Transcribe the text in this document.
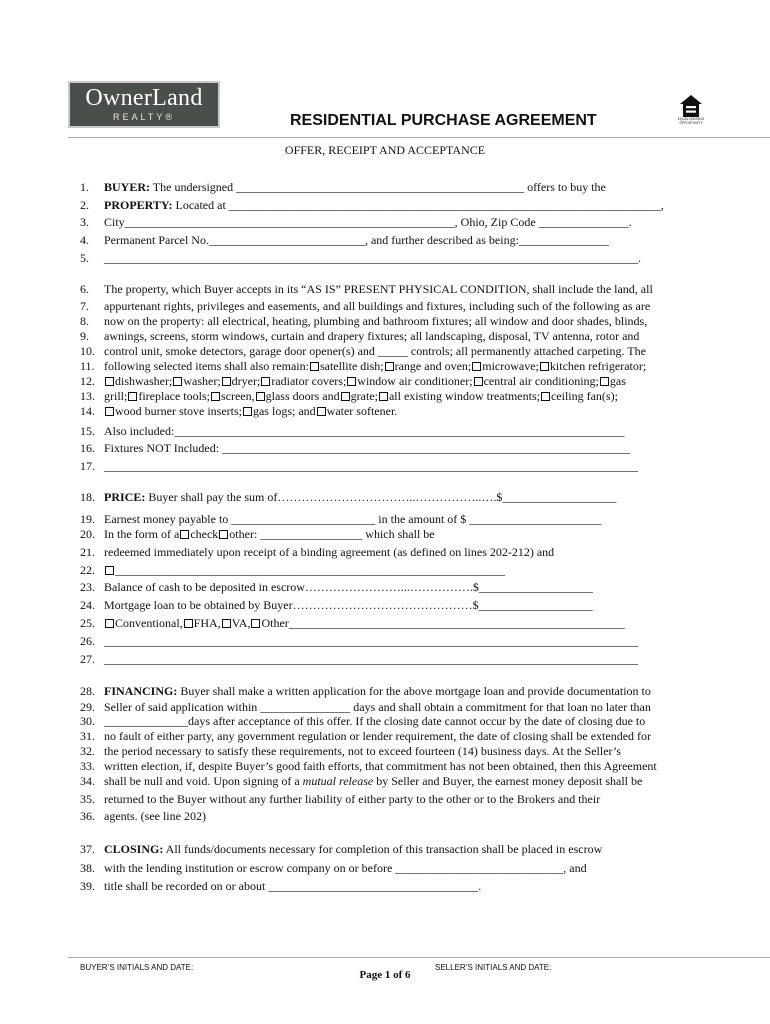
OwnerLand
REALTY®	EQUAL HOUSING OPPORTUNITY
RESIDENTIAL PURCHASE AGREEMENT
OFFER, RECEIPT AND ACCEPTANCE
1. BUYER: The undersigned ________________________________________________ offers to buy the
2. PROPERTY: Located at ________________________________________________________________________,
3. City_______________________________________________________, Ohio, Zip Code _______________.
4. Permanent Parcel No.__________________________, and further described as being:_______________
5. _________________________________________________________________________________________.
6. The property, which Buyer accepts in its “AS IS” PRESENT PHYSICAL CONDITION, shall include the land, all
7. appurtenant rights, privileges and easements, and all buildings and fixtures, including such of the following as are
8. now on the property: all electrical, heating, plumbing and bathroom fixtures; all window and door shades, blinds,
9. awnings, screens, storm windows, curtain and drapery fixtures; all landscaping, disposal, TV antenna, rotor and
10. control unit, smoke detectors, garage door opener(s) and _____ controls; all permanently attached carpeting. The
11. following selected items shall also remain: satellite dish; range and oven; microwave; kitchen refrigerator;
12. dishwasher; washer; dryer; radiator covers; window air conditioner; central air conditioning; gas
13. grill; fireplace tools; screen, glass doors and grate; all existing window treatments; ceiling fan(s);
14. wood burner stove inserts; gas logs; and water softener.
15. Also included:___________________________________________________________________________
16. Fixtures NOT Included: ____________________________________________________________________
17. _________________________________________________________________________________________
18. PRICE: Buyer shall pay the sum of……………………………..……………..….$___________________
19. Earnest money payable to ________________________ in the amount of $ ______________________
20. In the form of a check other: _________________ which shall be
21. redeemed immediately upon receipt of a binding agreement (as defined on lines 202-212) and
22. _________________________________________________________________
23. Balance of cash to be deposited in escrow……………………...…………….$___________________
24. Mortgage loan to be obtained by Buyer………………………………………$___________________
25. Conventional, FHA, VA, Other________________________________________________________
26. _________________________________________________________________________________________
27. _________________________________________________________________________________________
28. FINANCING: Buyer shall make a written application for the above mortgage loan and provide documentation to
29. Seller of said application within _______________ days and shall obtain a commitment for that loan no later than
30. ______________days after acceptance of this offer. If the closing date cannot occur by the date of closing due to
31. no fault of either party, any government regulation or lender requirement, the date of closing shall be extended for
32. the period necessary to satisfy these requirements, not to exceed fourteen (14) business days. At the Seller’s
33. written election, if, despite Buyer’s good faith efforts, that commitment has not been obtained, then this Agreement
34. shall be null and void. Upon signing of a mutual release by Seller and Buyer, the earnest money deposit shall be
35. returned to the Buyer without any further liability of either party to the other or to the Brokers and their
36. agents. (see line 202)
37. CLOSING: All funds/documents necessary for completion of this transaction shall be placed in escrow
38. with the lending institution or escrow company on or before ____________________________, and
39. title shall be recorded on or about ___________________________________.
BUYER’S INITIALS AND DATE:	SELLER’S INITIALS AND DATE:
Page 1 of 6
